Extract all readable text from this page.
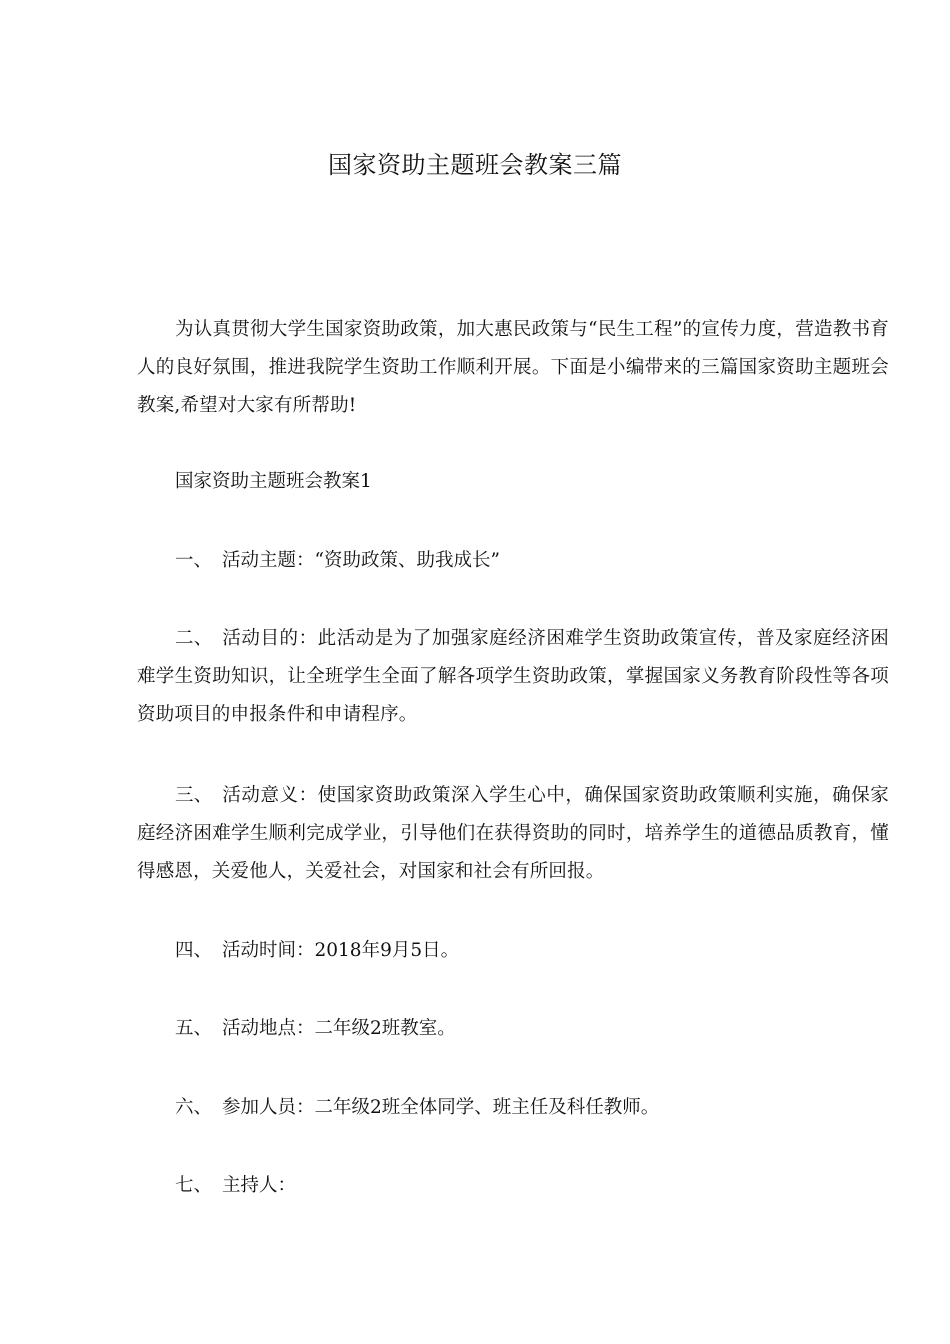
国家资助主题班会教案三篇

为认真贯彻大学生国家资助政策，加大惠民政策与“民生工程”的宣传力度，营造教书育人的良好氛围，推进我院学生资助工作顺利开展。下面是小编带来的三篇国家资助主题班会教案,希望对大家有所帮助!

国家资助主题班会教案1

一、 活动主题：“资助政策、助我成长”

二、 活动目的：此活动是为了加强家庭经济困难学生资助政策宣传，普及家庭经济困难学生资助知识，让全班学生全面了解各项学生资助政策，掌握国家义务教育阶段性等各项资助项目的申报条件和申请程序。

三、 活动意义：使国家资助政策深入学生心中，确保国家资助政策顺利实施，确保家庭经济困难学生顺利完成学业，引导他们在获得资助的同时，培养学生的道德品质教育，懂得感恩，关爱他人，关爱社会，对国家和社会有所回报。

四、 活动时间：2018年9月5日。

五、 活动地点：二年级2班教室。

六、 参加人员：二年级2班全体同学、班主任及科任教师。

七、 主持人：
